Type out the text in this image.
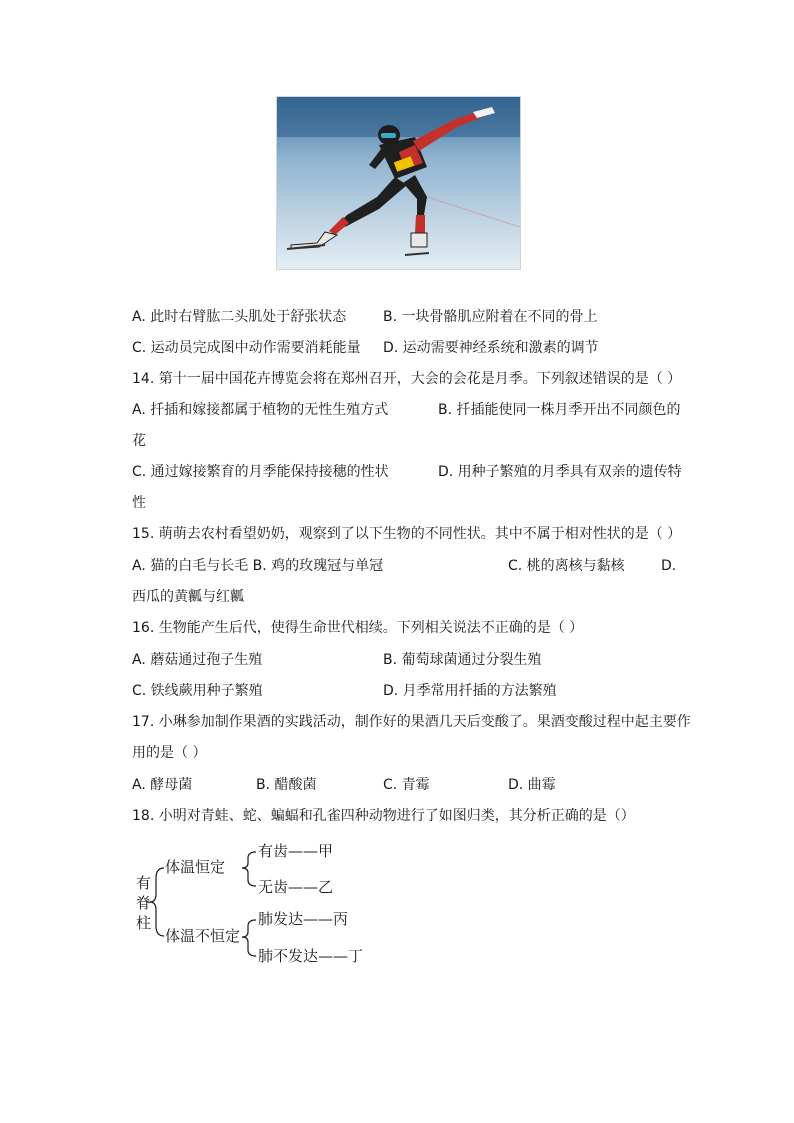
A. 此时右臂肱二头肌处于舒张状态	B. 一块骨骼肌应附着在不同的骨上
C. 运动员完成图中动作需要消耗能量 D. 运动需要神经系统和激素的调节
14. 第十一届中国花卉博览会将在郑州召开，大会的会花是月季。下列叙述错误的是（ ）
A. 扦插和嫁接都属于植物的无性生殖方式	B. 扦插能使同一株月季开出不同颜色的
花
C. 通过嫁接繁育的月季能保持接穗的性状	D. 用种子繁殖的月季具有双亲的遗传特
性
15. 萌萌去农村看望奶奶，观察到了以下生物的不同性状。其中不属于相对性状的是（ ）
A. 猫的白毛与长毛 B. 鸡的玫瑰冠与单冠	C. 桃的离核与黏核	D.
西瓜的黄瓤与红瓤
16. 生物能产生后代，使得生命世代相续。下列相关说法不正确的是（ ）
A. 蘑菇通过孢子生殖	B. 葡萄球菌通过分裂生殖
C. 铁线蕨用种子繁殖	D. 月季常用扦插的方法繁殖
17. 小琳参加制作果酒的实践活动，制作好的果酒几天后变酸了。果酒变酸过程中起主要作
用的是（ ）
A. 酵母菌	B. 醋酸菌	C. 青霉	D. 曲霉
18. 小明对青蛙、蛇、蝙蝠和孔雀四种动物进行了如图归类，其分析正确的是（）
有
脊
柱
体温恒定
体温不恒定
有齿——甲
无齿——乙
肺发达——丙
肺不发达——丁
